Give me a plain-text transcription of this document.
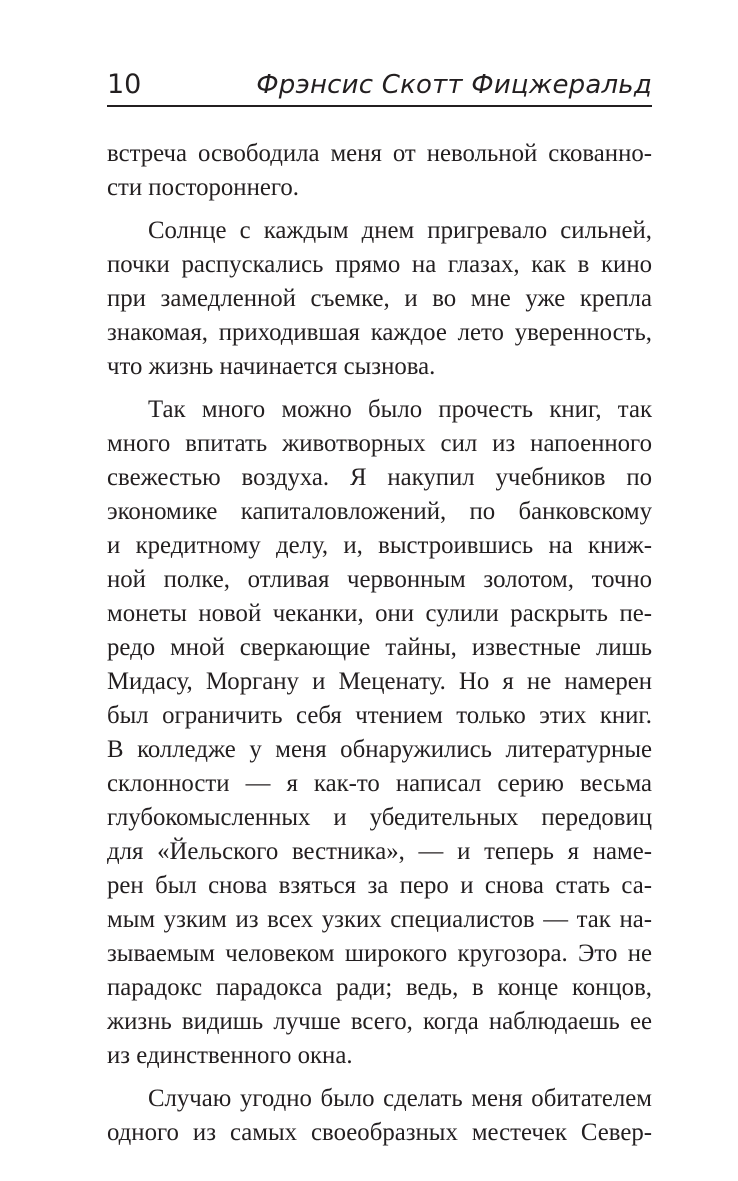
10	Фрэнсис Скотт Фицжеральд
встреча освободила меня от невольной скованно-
сти постороннего.
Солнце с каждым днем пригревало сильней,
почки распускались прямо на глазах, как в кино
при замедленной съемке, и во мне уже крепла
знакомая, приходившая каждое лето уверенность,
что жизнь начинается сызнова.
Так много можно было прочесть книг, так
много впитать животворных сил из напоенного
свежестью воздуха. Я накупил учебников по
экономике капиталовложений, по банковскому
и кредитному делу, и, выстроившись на книж-
ной полке, отливая червонным золотом, точно
монеты новой чеканки, они сулили раскрыть пе-
редо мной сверкающие тайны, известные лишь
Мидасу, Моргану и Меценату. Но я не намерен
был ограничить себя чтением только этих книг.
В колледже у меня обнаружились литературные
склонности — я как-то написал серию весьма
глубокомысленных и убедительных передовиц
для «Йельского вестника», — и теперь я наме-
рен был снова взяться за перо и снова стать са-
мым узким из всех узких специалистов — так на-
зываемым человеком широкого кругозора. Это не
парадокс парадокса ради; ведь, в конце концов,
жизнь видишь лучше всего, когда наблюдаешь ее
из единственного окна.
Случаю угодно было сделать меня обитателем
одного из самых своеобразных местечек Север-
